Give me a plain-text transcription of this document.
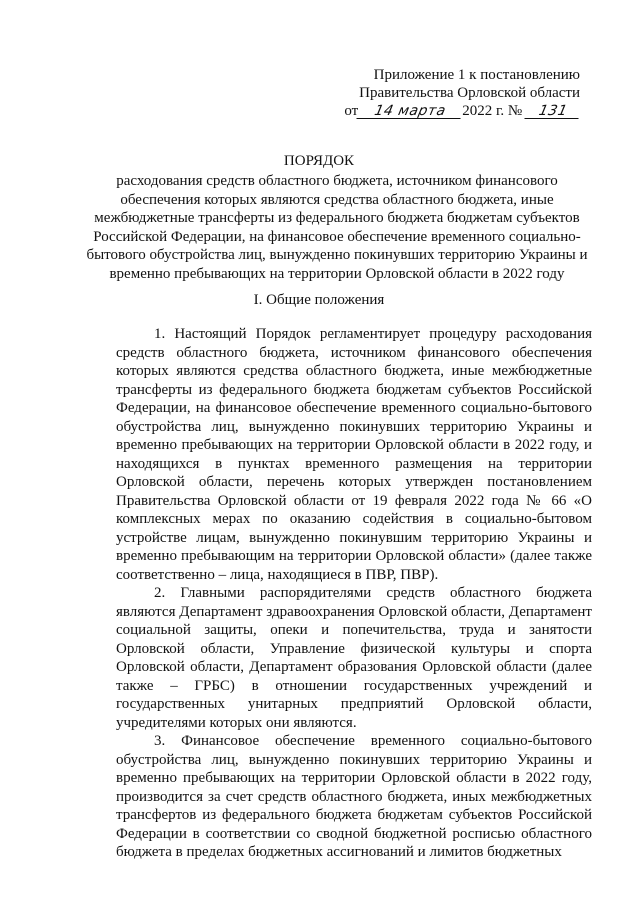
Приложение 1 к постановлению
Правительства Орловской области
от 14 марта 2022 г. № 131
ПОРЯДОК
расходования средств областного бюджета, источником финансового обеспечения которых являются средства областного бюджета, иные межбюджетные трансферты из федерального бюджета бюджетам субъектов Российской Федерации, на финансовое обеспечение временного социально-бытового обустройства лиц, вынужденно покинувших территорию Украины и временно пребывающих на территории Орловской области в 2022 году
I. Общие положения

1. Настоящий Порядок регламентирует процедуру расходования средств областного бюджета, источником финансового обеспечения которых являются средства областного бюджета, иные межбюджетные трансферты из федерального бюджета бюджетам субъектов Российской Федерации, на финансовое обеспечение временного социально-бытового обустройства лиц, вынужденно покинувших территорию Украины и временно пребывающих на территории Орловской области в 2022 году, и находящихся в пунктах временного размещения на территории Орловской области, перечень которых утвержден постановлением Правительства Орловской области от 19 февраля 2022 года № 66 «О комплексных мерах по оказанию содействия в социально-бытовом устройстве лицам, вынужденно покинувшим территорию Украины и временно пребывающим на территории Орловской области» (далее также соответственно – лица, находящиеся в ПВР, ПВР).

2. Главными распорядителями средств областного бюджета являются Департамент здравоохранения Орловской области, Департамент социальной защиты, опеки и попечительства, труда и занятости Орловской области, Управление физической культуры и спорта Орловской области, Департамент образования Орловской области (далее также – ГРБС) в отношении государственных учреждений и государственных унитарных предприятий Орловской области, учредителями которых они являются.

3. Финансовое обеспечение временного социально-бытового обустройства лиц, вынужденно покинувших территорию Украины и временно пребывающих на территории Орловской области в 2022 году, производится за счет средств областного бюджета, иных межбюджетных трансфертов из федерального бюджета бюджетам субъектов Российской Федерации в соответствии со сводной бюджетной росписью областного бюджета в пределах бюджетных ассигнований и лимитов бюджетных
